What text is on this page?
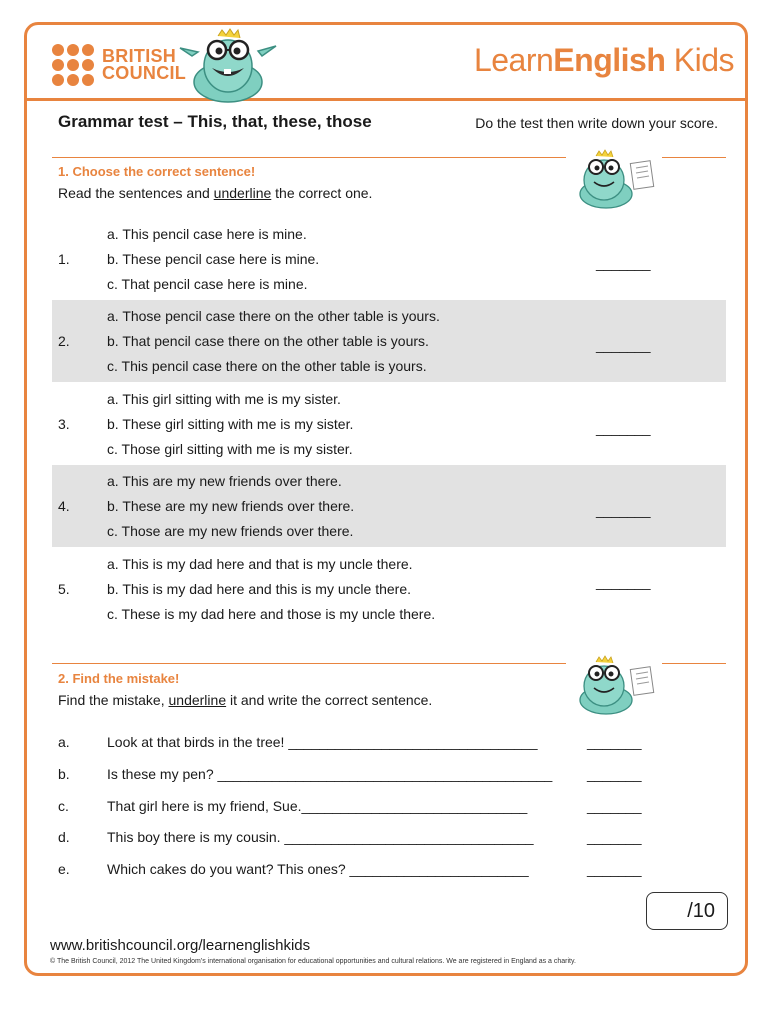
BRITISH
COUNCIL	LearnEnglish Kids
Grammar test – This, that, these, those	Do the test then write down your score.
1. Choose the correct sentence!
Read the sentences and underline the correct one.
1.
a. This pencil case here is mine.
b. These pencil case here is mine.
c. That pencil case here is mine.
_______
2.
a. Those pencil case there on the other table is yours.
b. That pencil case there on the other table is yours.
c. This pencil case there on the other table is yours.
_______
3.
a. This girl sitting with me is my sister.
b. These girl sitting with me is my sister.
c. Those girl sitting with me is my sister.
_______
4.
a. This are my new friends over there.
b. These are my new friends over there.
c. Those are my new friends over there.
_______
5.
a. This is my dad here and that is my uncle there.
b. This is my dad here and this is my uncle there.
c. These is my dad here and those is my uncle there.
_______
2. Find the mistake!
Find the mistake, underline it and write the correct sentence.
a.	Look at that birds in the tree! ________________________________	_______
b.	Is these my pen? ___________________________________________ _______
c.	That girl here is my friend, Sue._____________________________	_______
d.	This boy there is my cousin. ________________________________	_______
e.	Which cakes do you want? This ones? _______________________	_______
/10
www.britishcouncil.org/learnenglishkids
© The British Council, 2012 The United Kingdom’s international organisation for educational opportunities and cultural relations. We are registered in England as a charity.
